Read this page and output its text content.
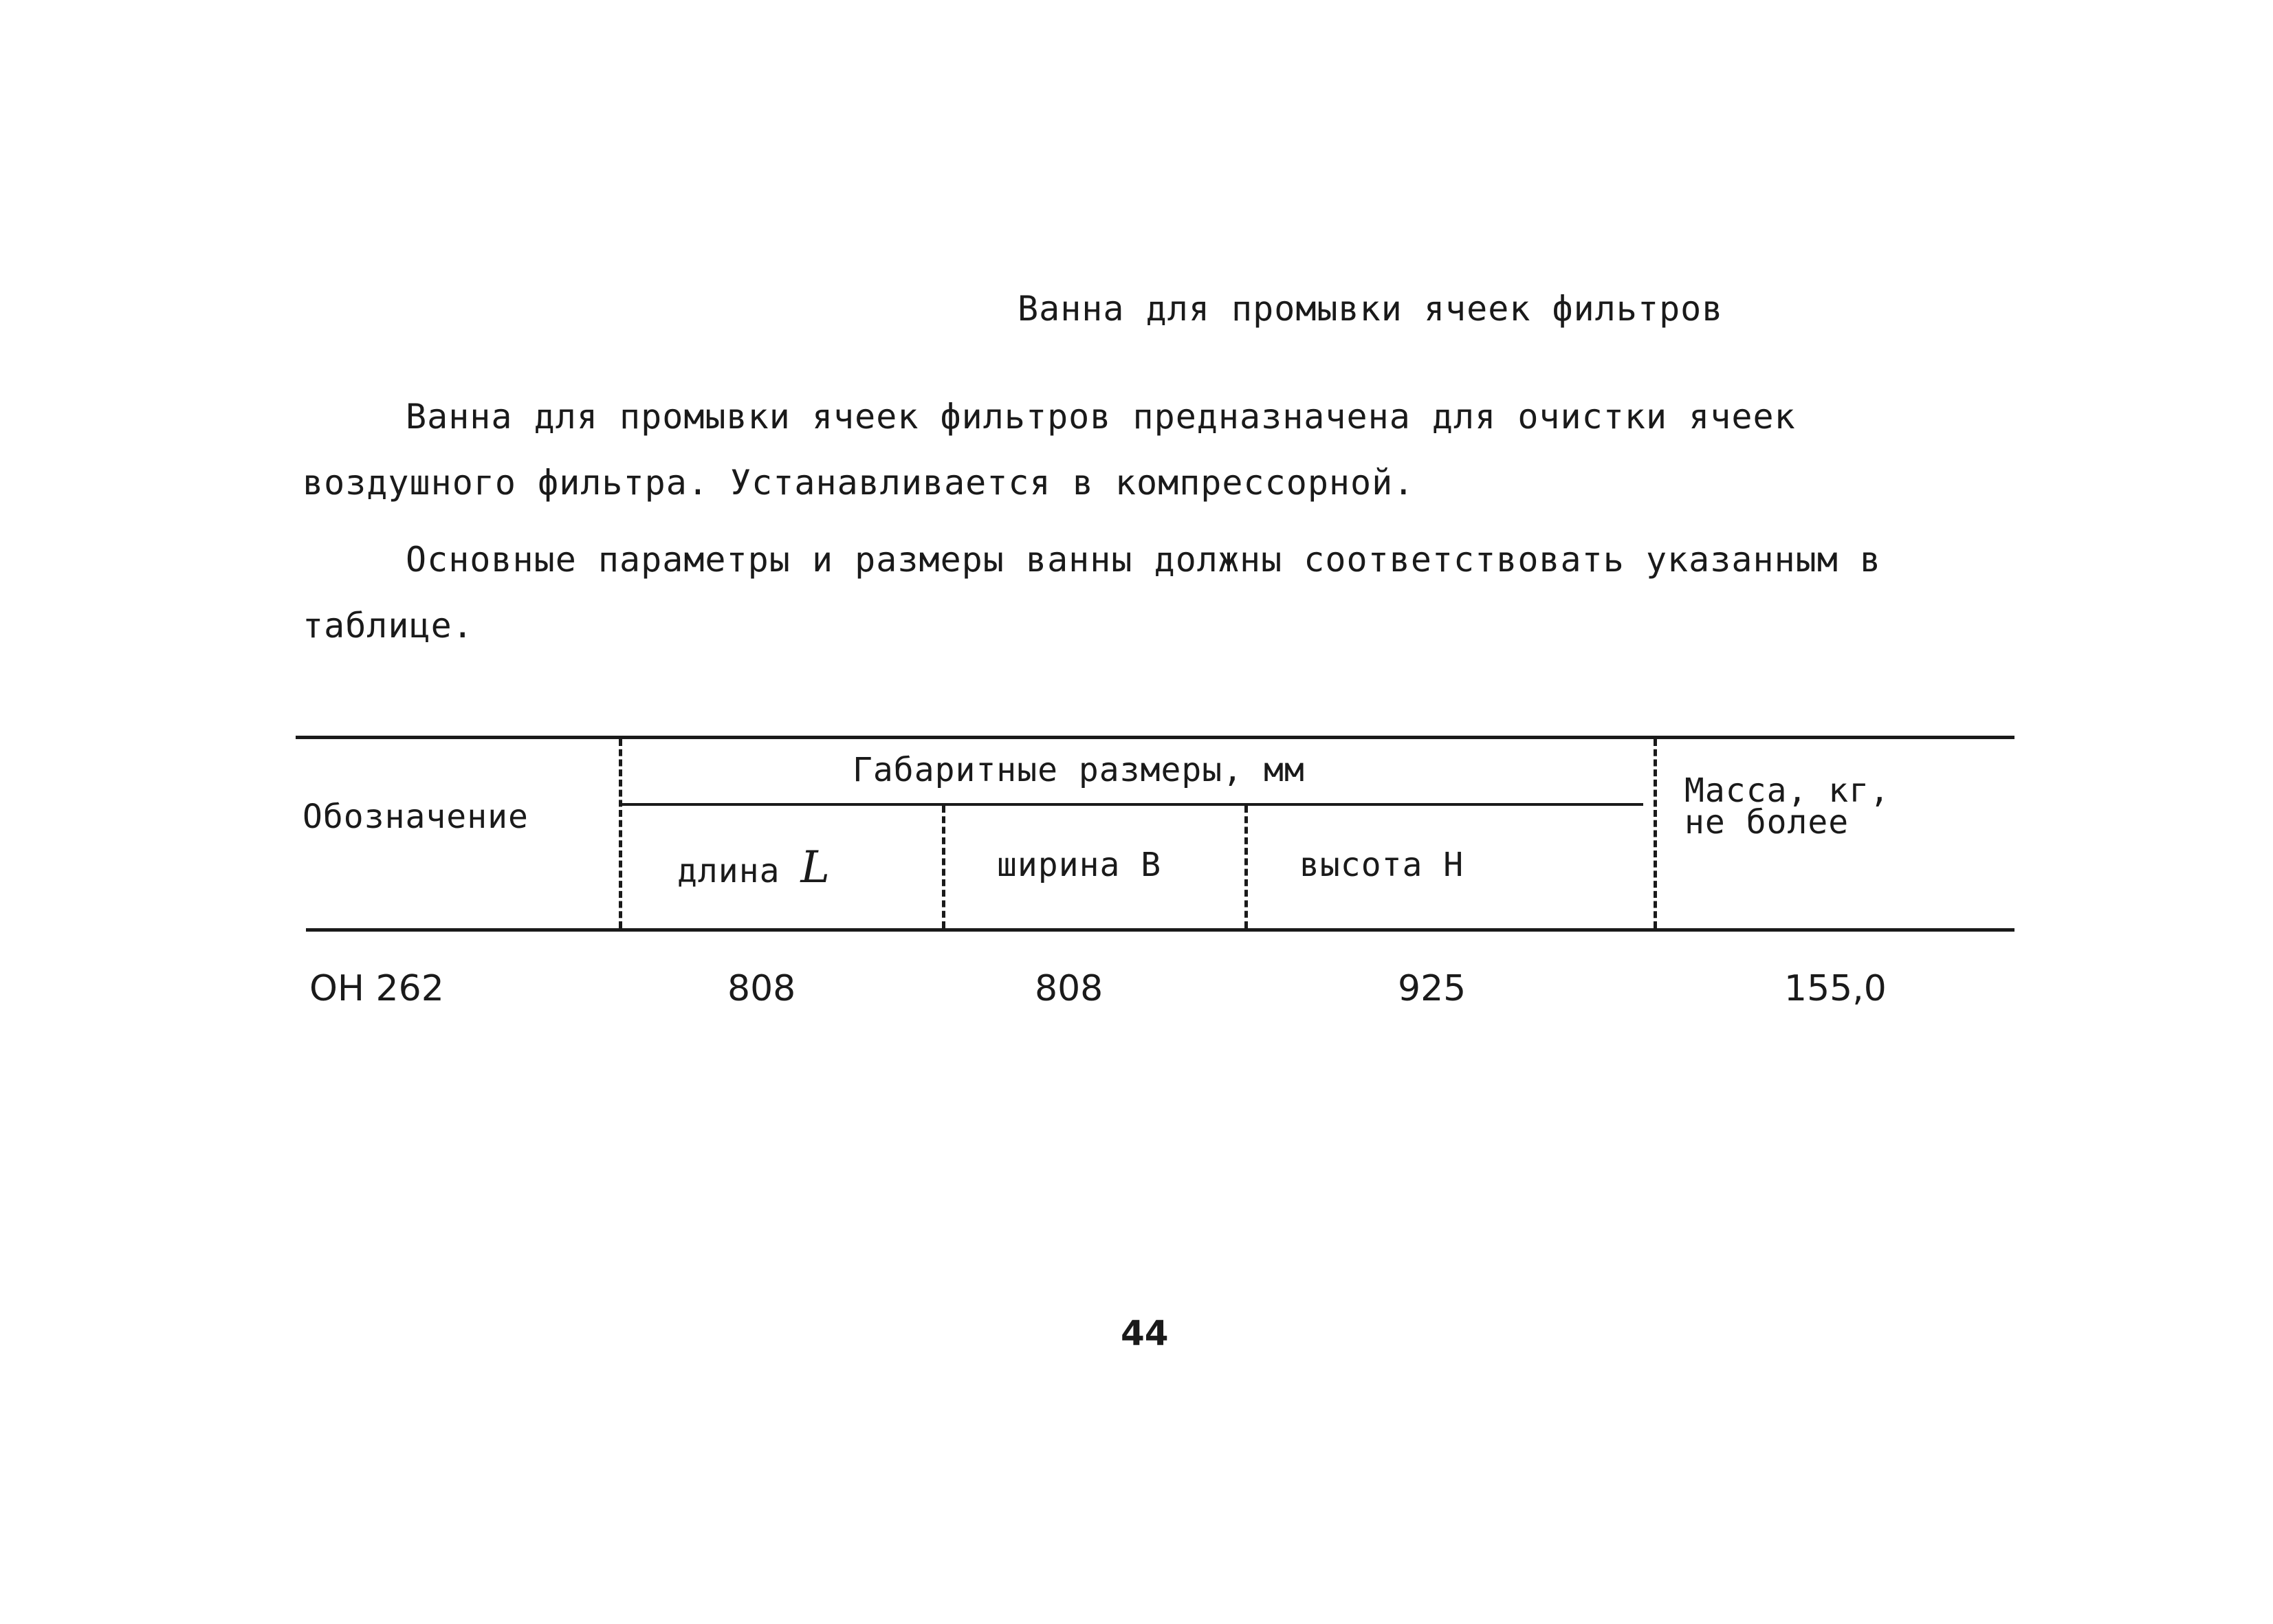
Ванна для промывки ячеек фильтров
Ванна для промывки ячеек фильтров предназначена для очистки ячеек воздушного фильтра. Устанавливается в компрессорной.
Основные параметры и размеры ванны должны соответствовать указанным в таблице.
Обозначение
Габаритные размеры, мм
длина L	ширина В	высота Н
Масса, кг,
не более
ОН 262	808	808	925	155,0
44
